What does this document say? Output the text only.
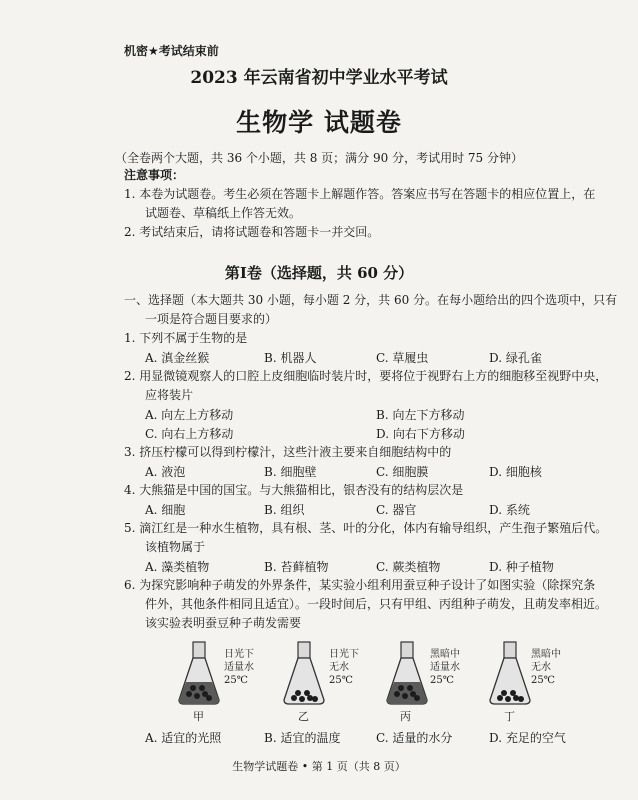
机密★考试结束前
2023 年云南省初中学业水平考试
生物学 试题卷
（全卷两个大题，共 36 个小题，共 8 页；满分 90 分，考试用时 75 分钟）
注意事项：
1. 本卷为试题卷。考生必须在答题卡上解题作答。答案应书写在答题卡的相应位置上，在
试题卷、草稿纸上作答无效。
2. 考试结束后，请将试题卷和答题卡一并交回。
第Ⅰ卷（选择题，共 60 分）
一、选择题（本大题共 30 小题，每小题 2 分，共 60 分。在每小题给出的四个选项中，只有
一项是符合题目要求的）
1. 下列不属于生物的是
A. 滇金丝猴	B. 机器人	C. 草履虫	D. 绿孔雀
2. 用显微镜观察人的口腔上皮细胞临时装片时，要将位于视野右上方的细胞移至视野中央，
应将装片
A. 向左上方移动	B. 向左下方移动
C. 向右上方移动	D. 向右下方移动
3. 挤压柠檬可以得到柠檬汁，这些汁液主要来自细胞结构中的
A. 液泡	B. 细胞壁	C. 细胞膜	D. 细胞核
4. 大熊猫是中国的国宝。与大熊猫相比，银杏没有的结构层次是
A. 细胞	B. 组织	C. 器官	D. 系统
5. 滴江红是一种水生植物，具有根、茎、叶的分化，体内有输导组织，产生孢子繁殖后代。
该植物属于
A. 藻类植物	B. 苔藓植物	C. 蕨类植物	D. 种子植物
6. 为探究影响种子萌发的外界条件，某实验小组利用蚕豆种子设计了如图实验（除探究条
件外，其他条件相同且适宜）。一段时间后，只有甲组、丙组种子萌发，且萌发率相近。
该实验表明蚕豆种子萌发需要
日光下
适量水
25℃
甲
日光下
无水
25℃
乙
黑暗中
适量水
25℃
丙
黑暗中
无水
25℃
丁
A. 适宜的光照	B. 适宜的温度	C. 适量的水分	D. 充足的空气
生物学试题卷 • 第 1 页（共 8 页）
